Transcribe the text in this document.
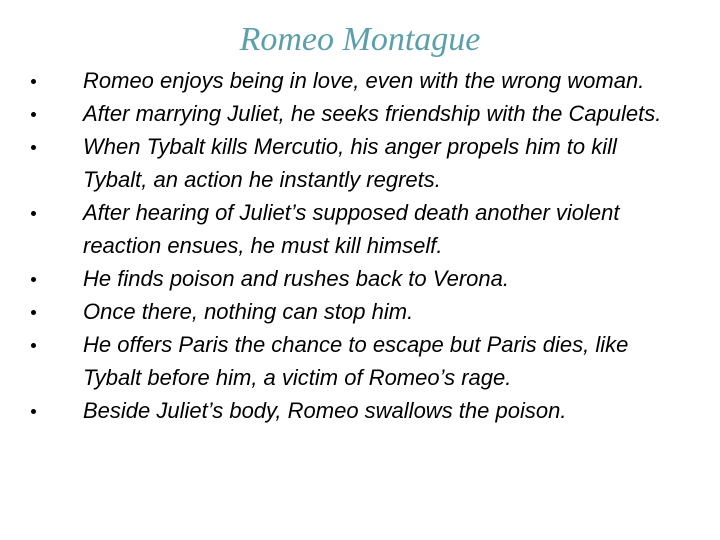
Romeo Montague
Romeo enjoys being in love, even with the wrong woman.
After marrying Juliet, he seeks friendship with the Capulets.
When Tybalt kills Mercutio, his anger propels him to kill Tybalt, an action he instantly regrets.
After hearing of Juliet’s supposed death another violent reaction ensues, he must kill himself.
He finds poison and rushes back to Verona.
Once there, nothing can stop him.
He offers Paris the chance to escape but Paris dies, like Tybalt before him, a victim of Romeo’s rage.
Beside Juliet’s body, Romeo swallows the poison.
